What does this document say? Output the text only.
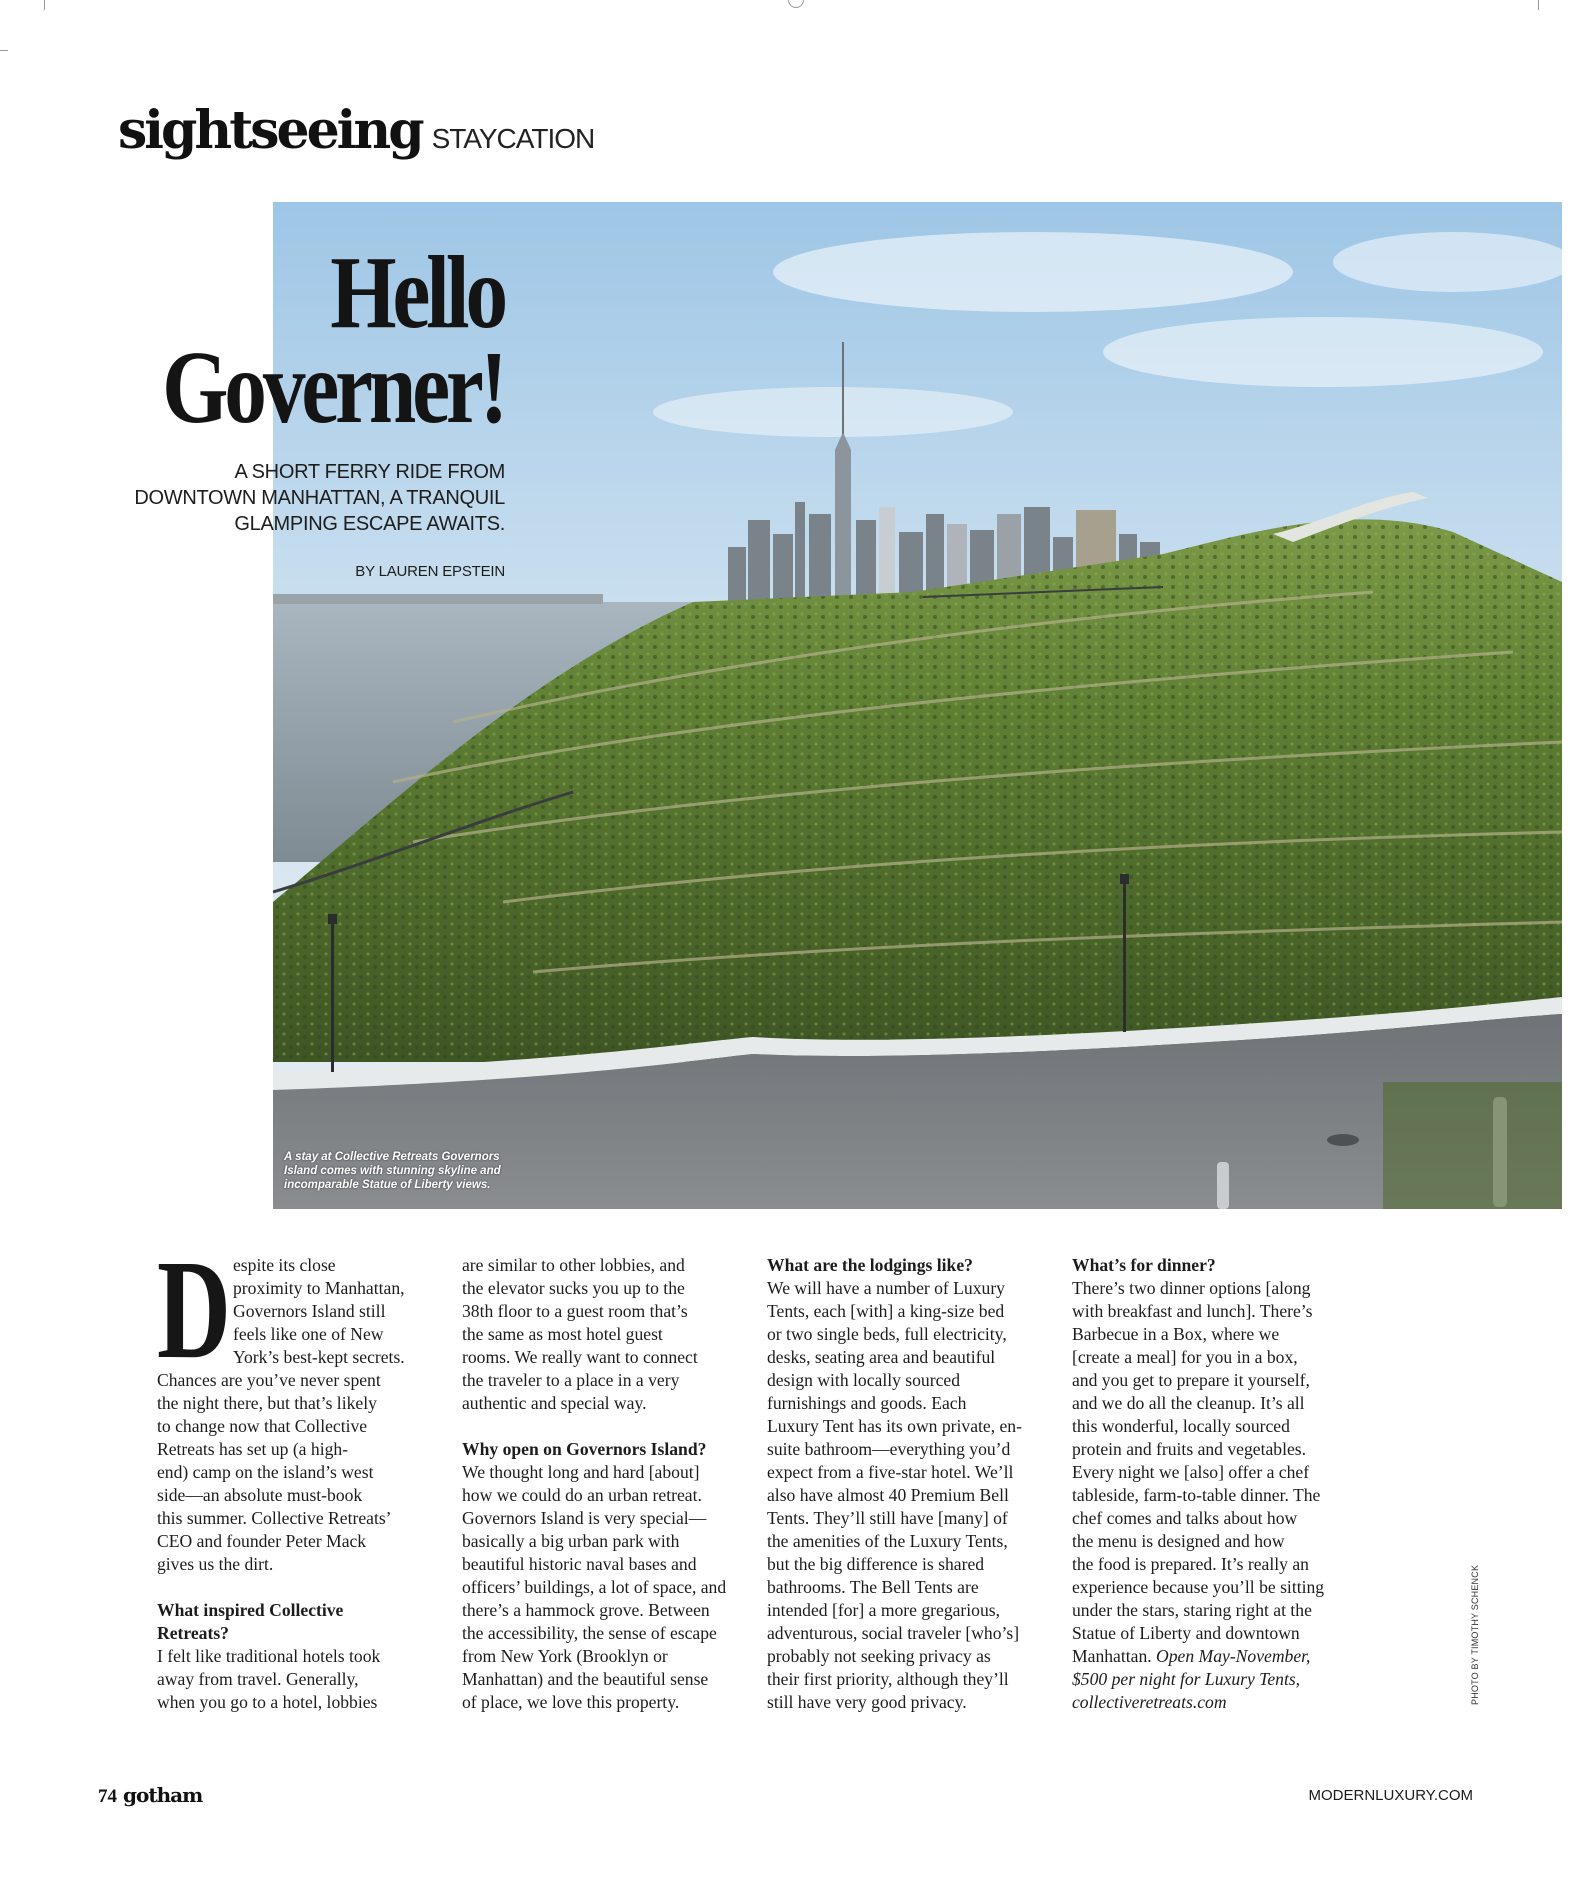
sightseeing STAYCATION
Hello
Governer!
A SHORT FERRY RIDE FROM
DOWNTOWN MANHATTAN, A TRANQUIL
GLAMPING ESCAPE AWAITS.
BY LAUREN EPSTEIN
A stay at Collective Retreats Governors
Island comes with stunning skyline and
incomparable Statue of Liberty views.
D espite its close

proximity to Manhattan,

Governors Island still

feels like one of New

York’s best-kept secrets.

Chances are you’ve never spent

the night there, but that’s likely

to change now that Collective

Retreats has set up (a high-

end) camp on the island’s west

side—an absolute must-book

this summer. Collective Retreats’

CEO and founder Peter Mack

gives us the dirt.

What inspired Collective

Retreats?

I felt like traditional hotels took

away from travel. Generally,

when you go to a hotel, lobbies

are similar to other lobbies, and

the elevator sucks you up to the

38th floor to a guest room that’s

the same as most hotel guest

rooms. We really want to connect

the traveler to a place in a very

authentic and special way.

Why open on Governors Island?

We thought long and hard [about]

how we could do an urban retreat.

Governors Island is very special—

basically a big urban park with

beautiful historic naval bases and

officers’ buildings, a lot of space, and

there’s a hammock grove. Between

the accessibility, the sense of escape

from New York (Brooklyn or

Manhattan) and the beautiful sense

of place, we love this property.

What are the lodgings like?

We will have a number of Luxury

Tents, each [with] a king-size bed

or two single beds, full electricity,

desks, seating area and beautiful

design with locally sourced

furnishings and goods. Each

Luxury Tent has its own private, en-

suite bathroom—everything you’d

expect from a five-star hotel. We’ll

also have almost 40 Premium Bell

Tents. They’ll still have [many] of

the amenities of the Luxury Tents,

but the big difference is shared

bathrooms. The Bell Tents are

intended [for] a more gregarious,

adventurous, social traveler [who’s]

probably not seeking privacy as

their first priority, although they’ll

still have very good privacy.

What’s for dinner?

There’s two dinner options [along

with breakfast and lunch]. There’s

Barbecue in a Box, where we

[create a meal] for you in a box,

and you get to prepare it yourself,

and we do all the cleanup. It’s all

this wonderful, locally sourced

protein and fruits and vegetables.

Every night we [also] offer a chef

tableside, farm-to-table dinner. The

chef comes and talks about how

the menu is designed and how

the food is prepared. It’s really an

experience because you’ll be sitting

under the stars, staring right at the

Statue of Liberty and downtown

Manhattan. Open May-November,

$500 per night for Luxury Tents,

collectiveretreats.com	PHOTO BY TIMOTHY SCHENCK
74 gotham	MODERNLUXURY.COM
